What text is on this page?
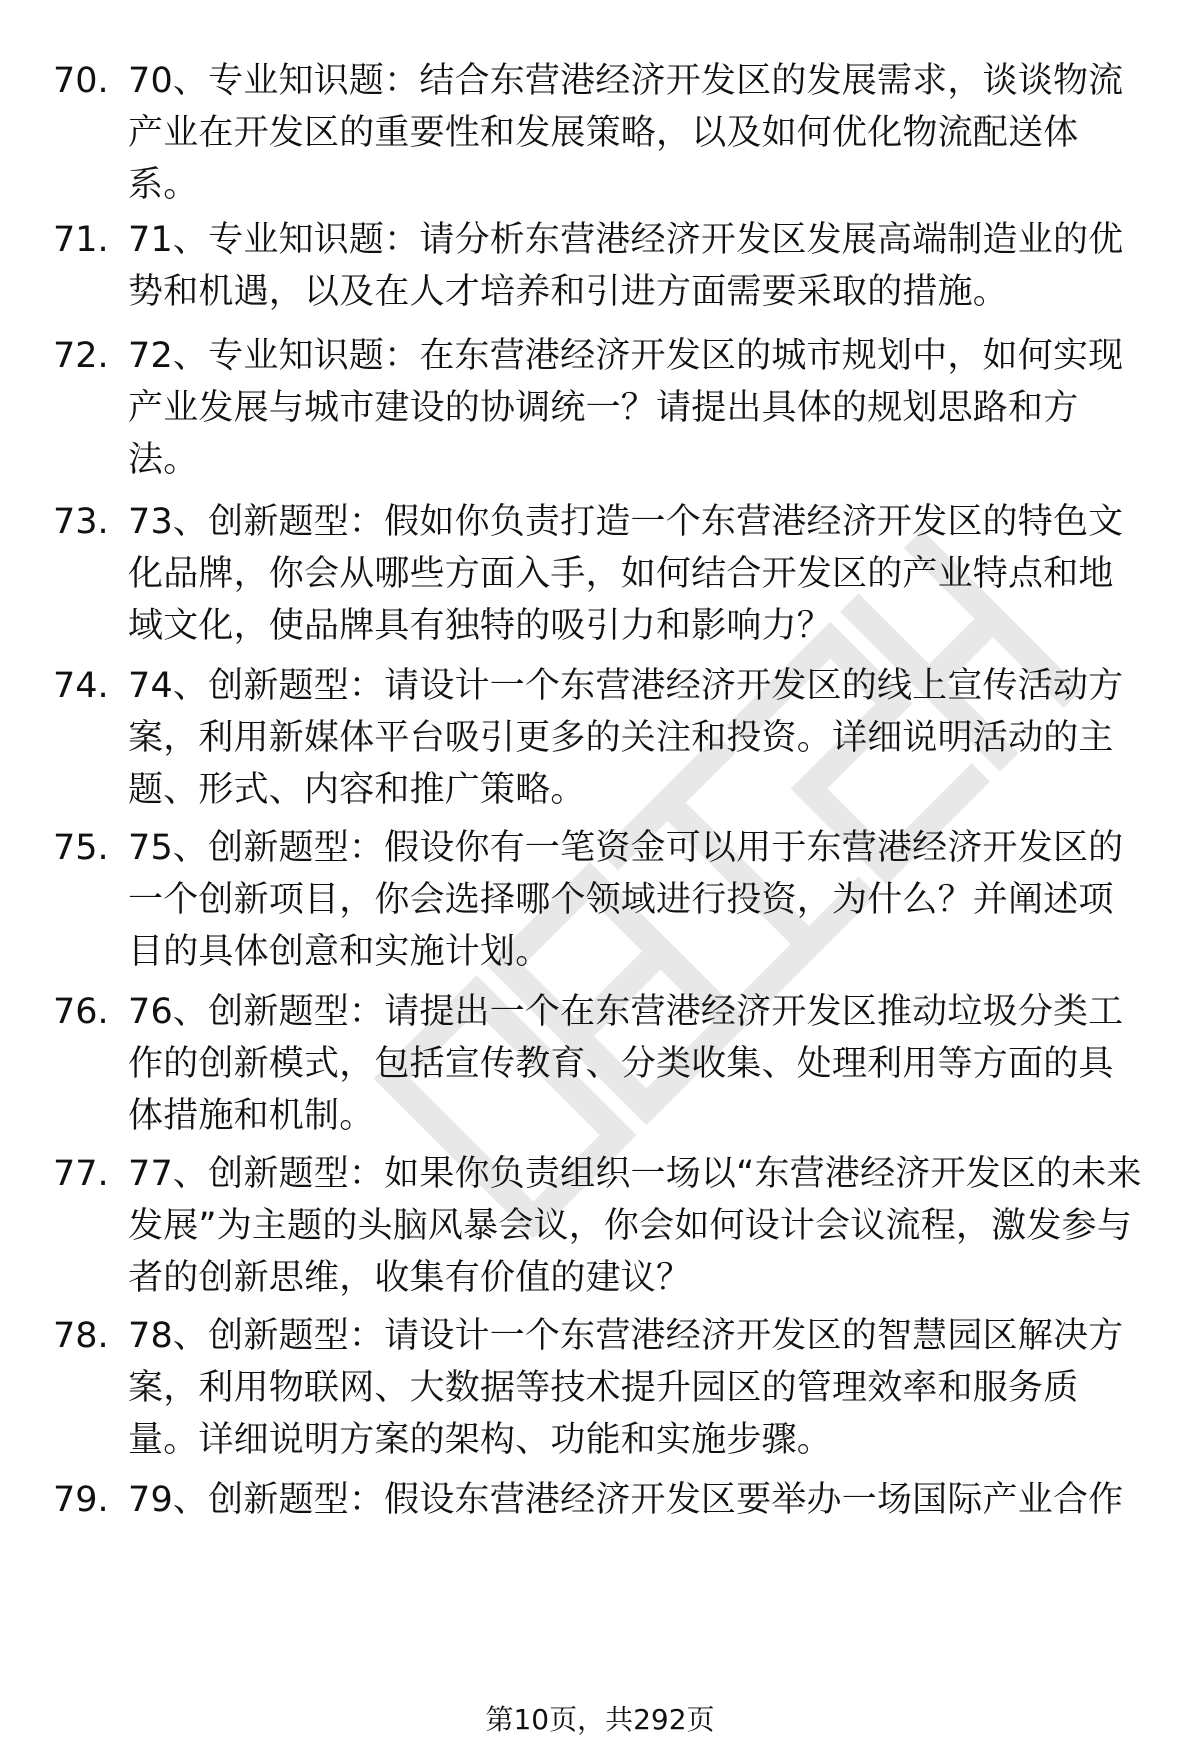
70. 70、专业知识题：结合东营港经济开发区的发展需求，谈谈物流产业在开发区的重要性和发展策略，以及如何优化物流配送体系。

71. 71、专业知识题：请分析东营港经济开发区发展高端制造业的优势和机遇，以及在人才培养和引进方面需要采取的措施。

72. 72、专业知识题：在东营港经济开发区的城市规划中，如何实现产业发展与城市建设的协调统一？请提出具体的规划思路和方法。

73. 73、创新题型：假如你负责打造一个东营港经济开发区的特色文化品牌，你会从哪些方面入手，如何结合开发区的产业特点和地域文化，使品牌具有独特的吸引力和影响力？

74. 74、创新题型：请设计一个东营港经济开发区的线上宣传活动方案，利用新媒体平台吸引更多的关注和投资。详细说明活动的主题、形式、内容和推广策略。

75. 75、创新题型：假设你有一笔资金可以用于东营港经济开发区的一个创新项目，你会选择哪个领域进行投资，为什么？并阐述项目的具体创意和实施计划。

76. 76、创新题型：请提出一个在东营港经济开发区推动垃圾分类工作的创新模式，包括宣传教育、分类收集、处理利用等方面的具体措施和机制。

77. 77、创新题型：如果你负责组织一场以“东营港经济开发区的未来发展”为主题的头脑风暴会议，你会如何设计会议流程，激发参与者的创新思维，收集有价值的建议？

78. 78、创新题型：请设计一个东营港经济开发区的智慧园区解决方案，利用物联网、大数据等技术提升园区的管理效率和服务质量。详细说明方案的架构、功能和实施步骤。

79. 79、创新题型：假设东营港经济开发区要举办一场国际产业合作

第10页，共292页
